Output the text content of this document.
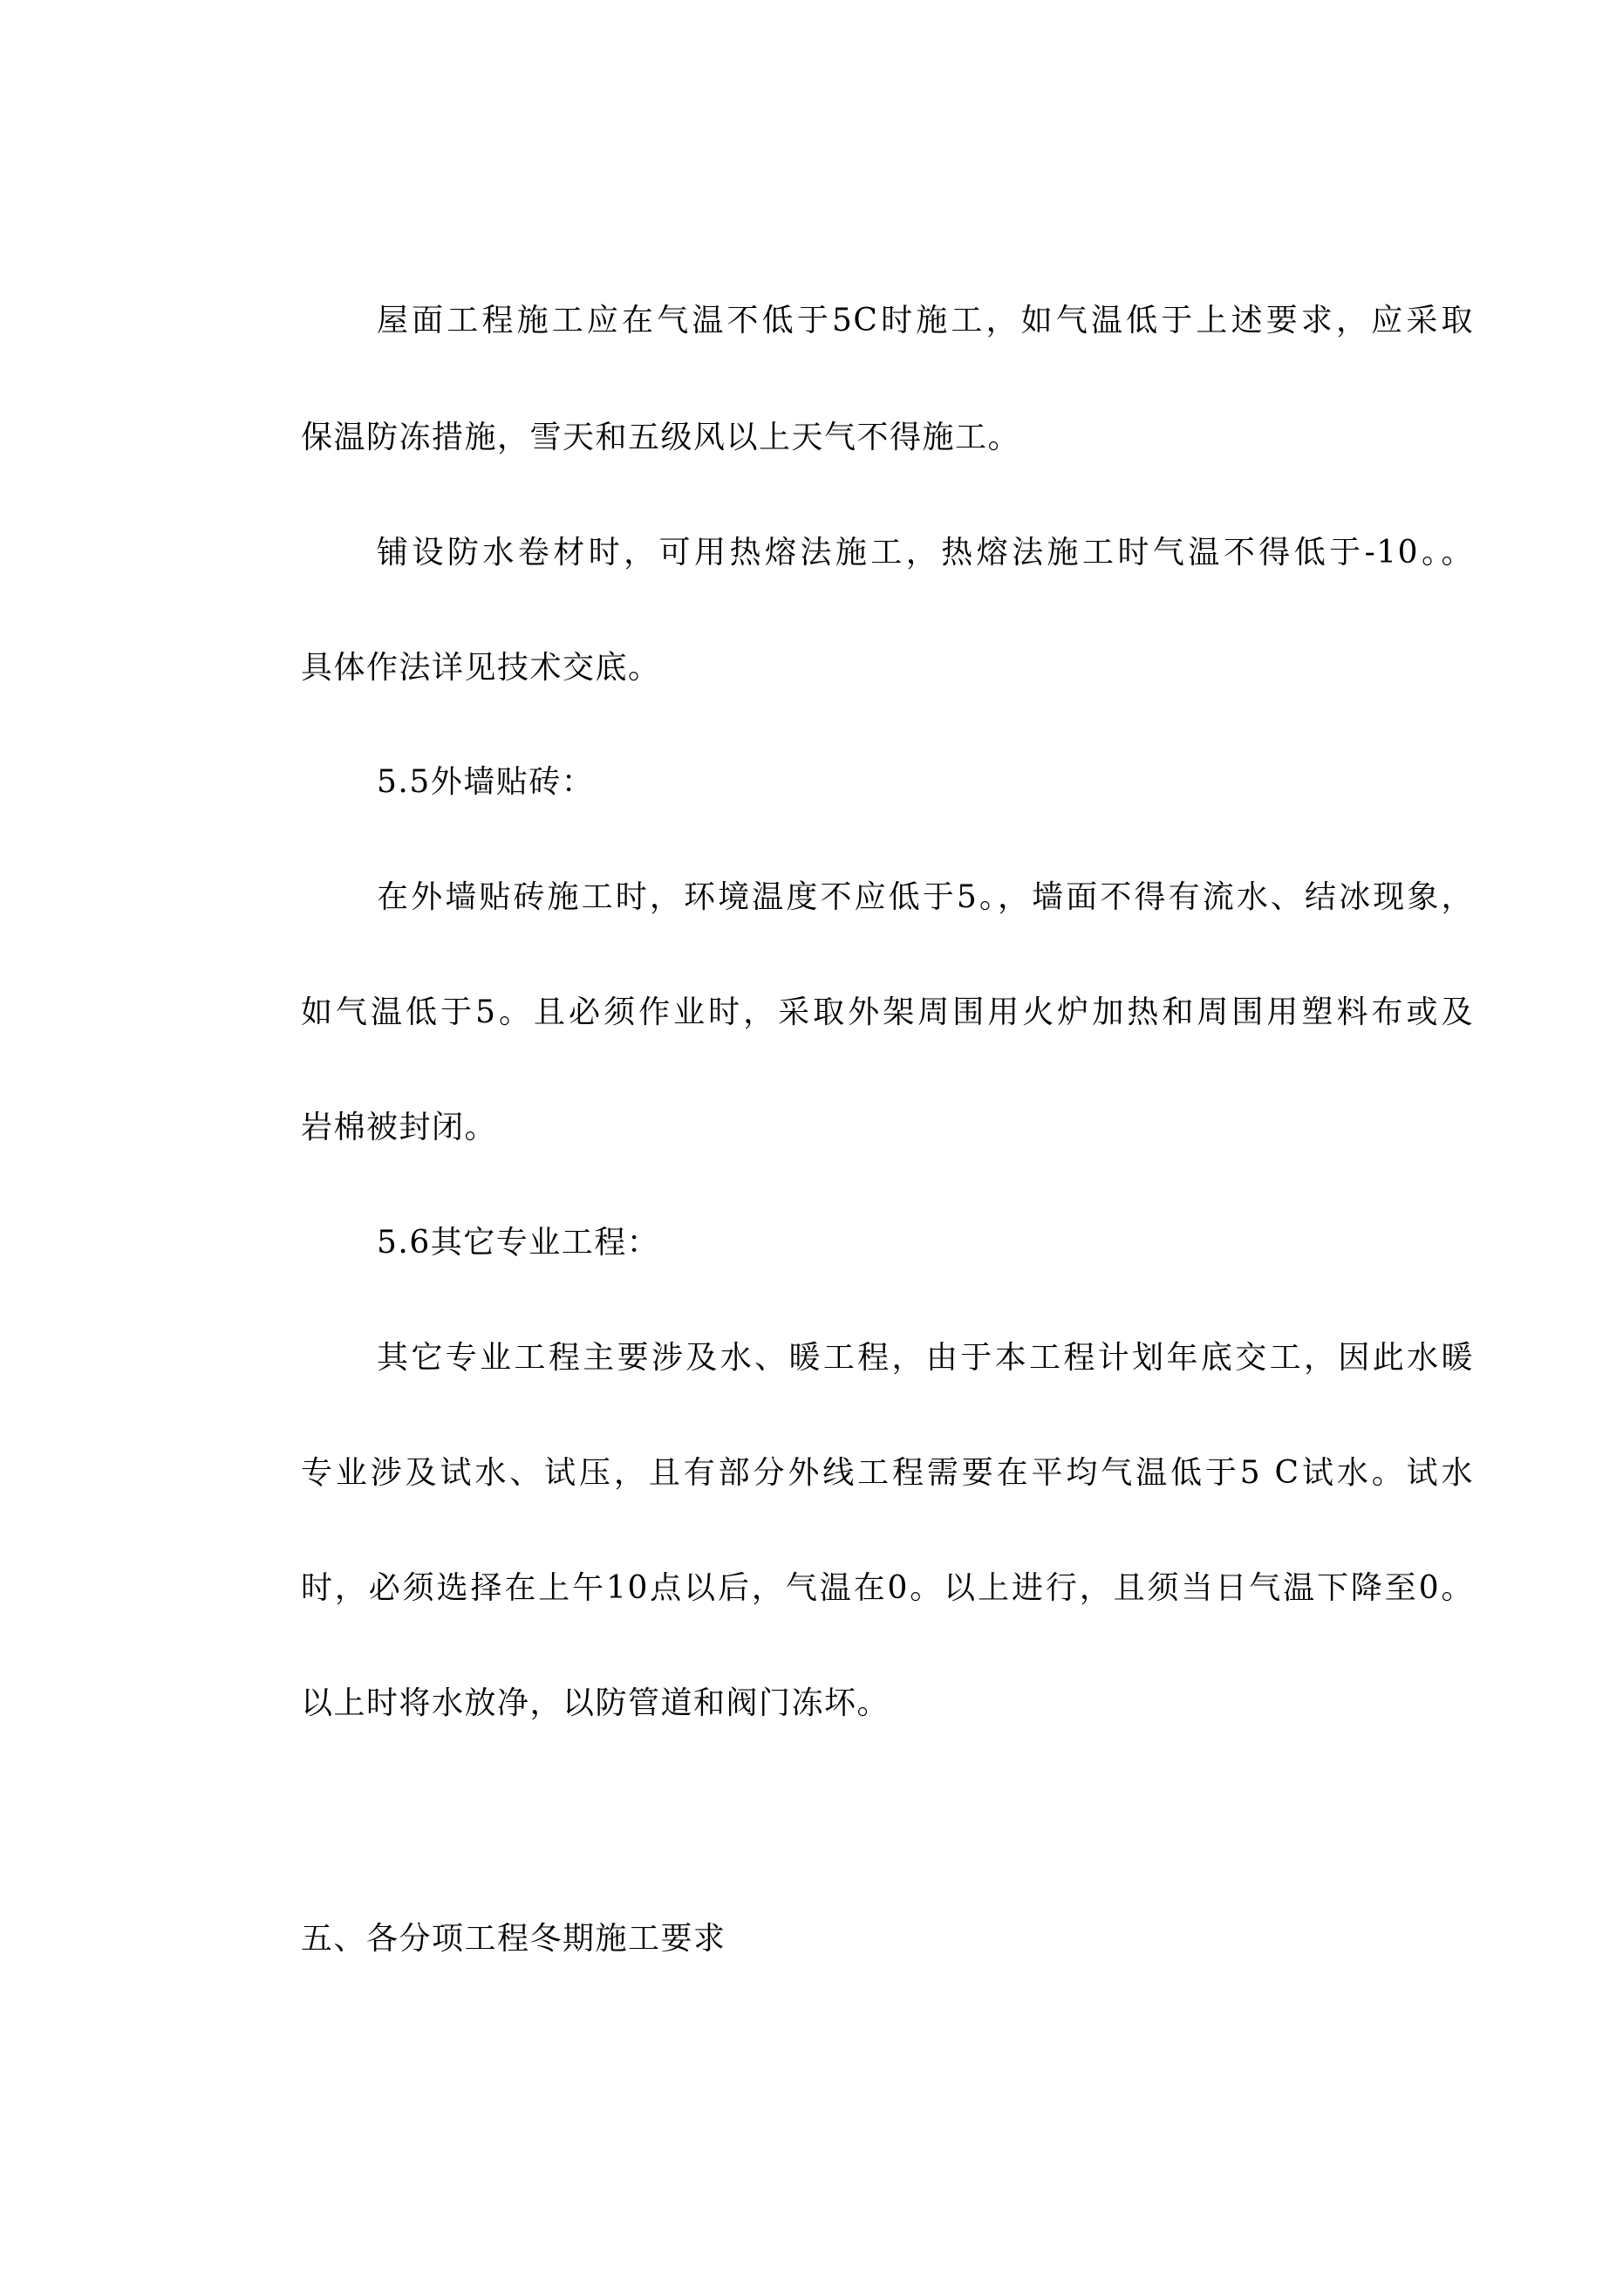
屋面工程施工应在气温不低于5C时施工，如气温低于上述要求，应采取
保温防冻措施，雪天和五级风以上天气不得施工。
铺设防水卷材时，可用热熔法施工，热熔法施工时气温不得低于-10。。
具体作法详见技术交底。
5.5外墙贴砖：
在外墙贴砖施工时，环境温度不应低于5。，墙面不得有流水、结冰现象，
如气温低于5。且必须作业时，采取外架周围用火炉加热和周围用塑料布或及
岩棉被封闭。
5.6其它专业工程：
其它专业工程主要涉及水、暖工程，由于本工程计划年底交工，因此水暖
专业涉及试水、试压，且有部分外线工程需要在平均气温低于5 C试水。试水
时，必须选择在上午10点以后，气温在0。以上进行，且须当日气温下降至0。
以上时将水放净，以防管道和阀门冻坏。
五、各分项工程冬期施工要求
